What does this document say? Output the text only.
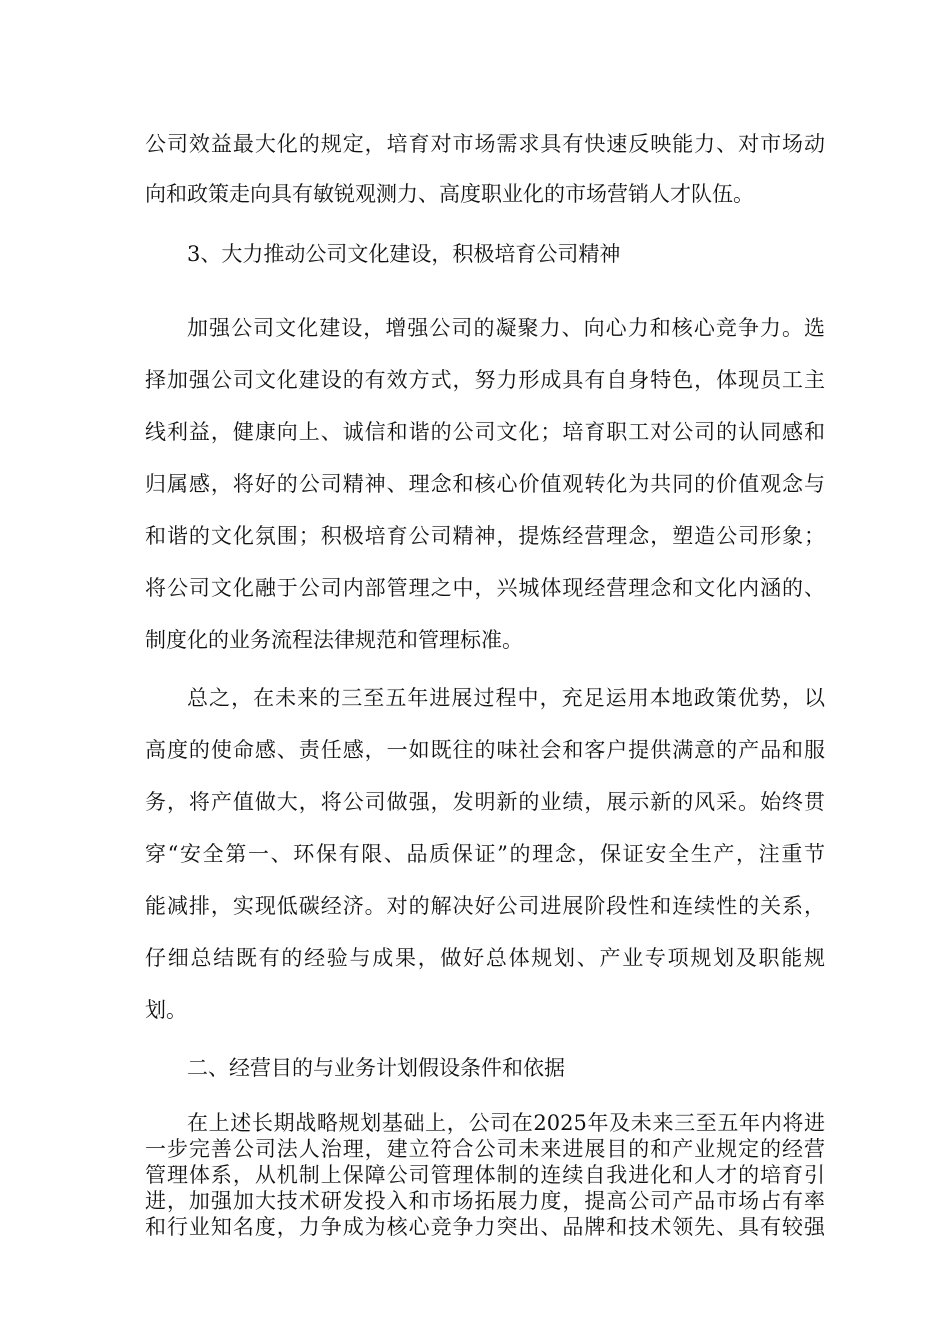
公司效益最大化的规定，培育对市场需求具有快速反映能力、对市场动
向和政策走向具有敏锐观测力、高度职业化的市场营销人才队伍。
3、大力推动公司文化建设，积极培育公司精神
加强公司文化建设，增强公司的凝聚力、向心力和核心竞争力。选
择加强公司文化建设的有效方式，努力形成具有自身特色，体现员工主
线利益，健康向上、诚信和谐的公司文化；培育职工对公司的认同感和
归属感，将好的公司精神、理念和核心价值观转化为共同的价值观念与
和谐的文化氛围；积极培育公司精神，提炼经营理念，塑造公司形象；
将公司文化融于公司内部管理之中，兴城体现经营理念和文化内涵的、
制度化的业务流程法律规范和管理标准。
总之，在未来的三至五年进展过程中，充足运用本地政策优势，以
高度的使命感、责任感，一如既往的味社会和客户提供满意的产品和服
务，将产值做大，将公司做强，发明新的业绩，展示新的风采。始终贯
穿“安全第一、环保有限、品质保证”的理念，保证安全生产，注重节
能减排，实现低碳经济。对的解决好公司进展阶段性和连续性的关系，
仔细总结既有的经验与成果，做好总体规划、产业专项规划及职能规
划。
二、经营目的与业务计划假设条件和依据
在上述长期战略规划基础上，公司在2025年及未来三至五年内将进
一步完善公司法人治理，建立符合公司未来进展目的和产业规定的经营
管理体系，从机制上保障公司管理体制的连续自我进化和人才的培育引
进，加强加大技术研发投入和市场拓展力度，提高公司产品市场占有率
和行业知名度，力争成为核心竞争力突出、品牌和技术领先、具有较强
